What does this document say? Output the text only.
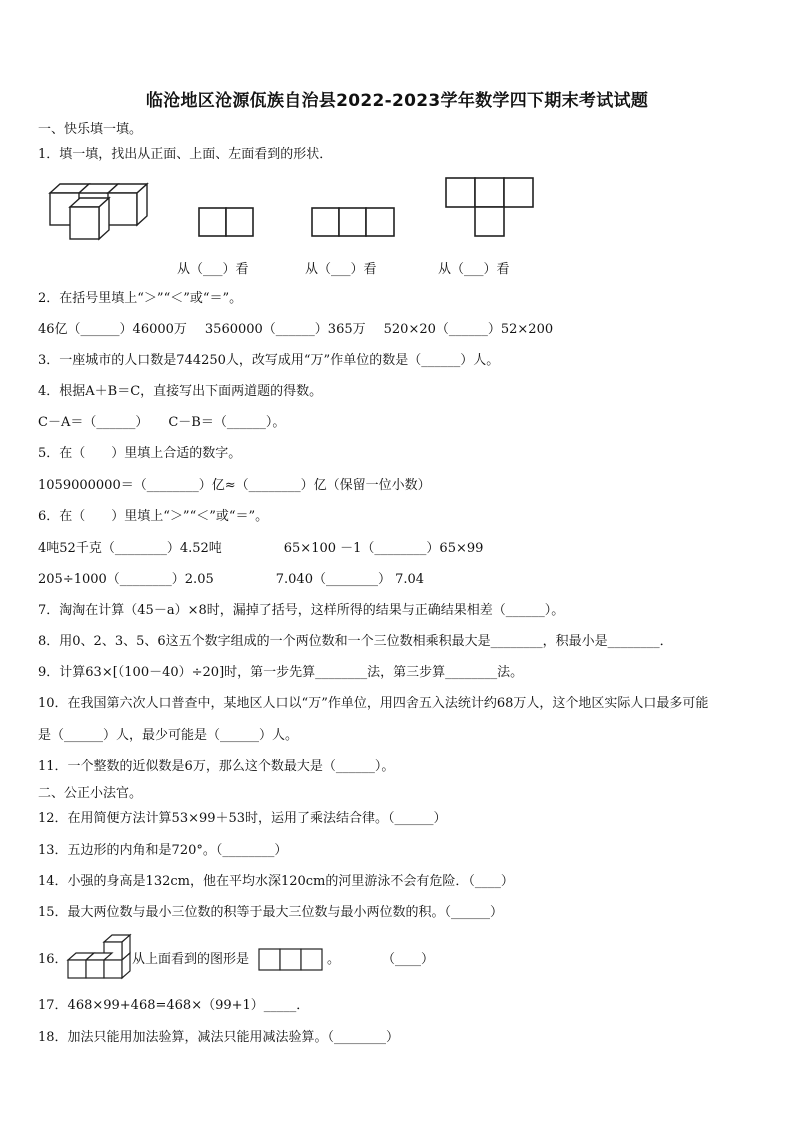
临沧地区沧源佤族自治县2022-2023学年数学四下期末考试试题
一、快乐填一填。
1．填一填，找出从正面、上面、左面看到的形状．
从（___）看	从（___）看	从（___）看
2．在括号里填上“＞”“＜”或“＝”。
46亿（______）46000万 3560000（______）365万 520×20（______）52×200
3．一座城市的人口数是744250人，改写成用“万”作单位的数是（______）人。
4．根据A＋B＝C，直接写出下面两道题的得数。
C－A＝（______） C－B＝（______）。
5．在（　　）里填上合适的数字。
1059000000＝（________）亿≈（________）亿（保留一位小数）
6．在（　　）里填上“＞”“＜”或“＝”。
4吨52千克（________）4.52吨	65×100 －1（________）65×99
205÷1000（________）2.05	7.040（________） 7.04
7．淘淘在计算（45－a）×8时，漏掉了括号，这样所得的结果与正确结果相差（______）。
8．用0、2、3、5、6这五个数字组成的一个两位数和一个三位数相乘积最大是________，积最小是________．
9．计算63×[（100－40）÷20]时，第一步先算________法，第三步算________法。
10．在我国第六次人口普查中，某地区人口以“万”作单位，用四舍五入法统计约68万人，这个地区实际人口最多可能
是（______）人，最少可能是（______）人。
11．一个整数的近似数是6万，那么这个数最大是（______）。
二、公正小法官。
12．在用简便方法计算53×99＋53时，运用了乘法结合律。（______）
13．五边形的内角和是720°。（________）
14．小强的身高是132cm，他在平均水深120cm的河里游泳不会有危险．（____）
15．最大两位数与最小三位数的积等于最大三位数与最小两位数的积。（______）
16．	从上面看到的图形是	。	（____）
17．468×99+468=468×（99+1）_____．
18．加法只能用加法验算，减法只能用减法验算。（________）
